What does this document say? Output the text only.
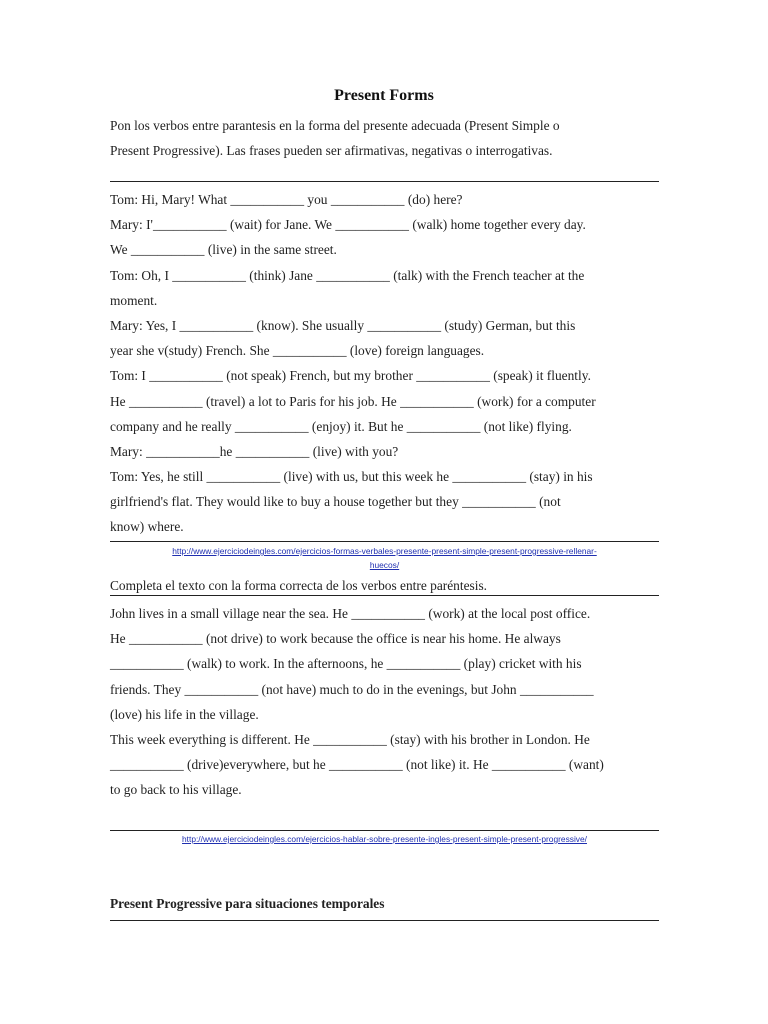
Present Forms
Pon los verbos entre parantesis en la forma del presente adecuada (Present Simple o
Present Progressive). Las frases pueden ser afirmativas, negativas o interrogativas.
Tom: Hi, Mary! What ___________ you ___________ (do) here?
Mary: I'___________ (wait) for Jane. We ___________ (walk) home together every day.
We ___________ (live) in the same street.
Tom: Oh, I ___________ (think) Jane ___________ (talk) with the French teacher at the
moment.
Mary: Yes, I ___________ (know). She usually ___________ (study) German, but this
year she v(study) French. She ___________ (love) foreign languages.
Tom: I ___________ (not speak) French, but my brother ___________ (speak) it fluently.
He ___________ (travel) a lot to Paris for his job. He ___________ (work) for a computer
company and he really ___________ (enjoy) it. But he ___________ (not like) flying.
Mary: ___________he ___________ (live) with you?
Tom: Yes, he still ___________ (live) with us, but this week he ___________ (stay) in his
girlfriend's flat. They would like to buy a house together but they ___________ (not
know) where.
http://www.ejerciciodeingles.com/ejercicios-formas-verbales-presente-present-simple-present-progressive-rellenar-
huecos/
Completa el texto con la forma correcta de los verbos entre paréntesis.
John lives in a small village near the sea. He ___________ (work) at the local post office.
He ___________ (not drive) to work because the office is near his home. He always
___________ (walk) to work. In the afternoons, he ___________ (play) cricket with his
friends. They ___________ (not have) much to do in the evenings, but John ___________
(love) his life in the village.
This week everything is different. He ___________ (stay) with his brother in London. He
___________ (drive)everywhere, but he ___________ (not like) it. He ___________ (want)
to go back to his village.
http://www.ejerciciodeingles.com/ejercicios-hablar-sobre-presente-ingles-present-simple-present-progressive/
Present Progressive para situaciones temporales
